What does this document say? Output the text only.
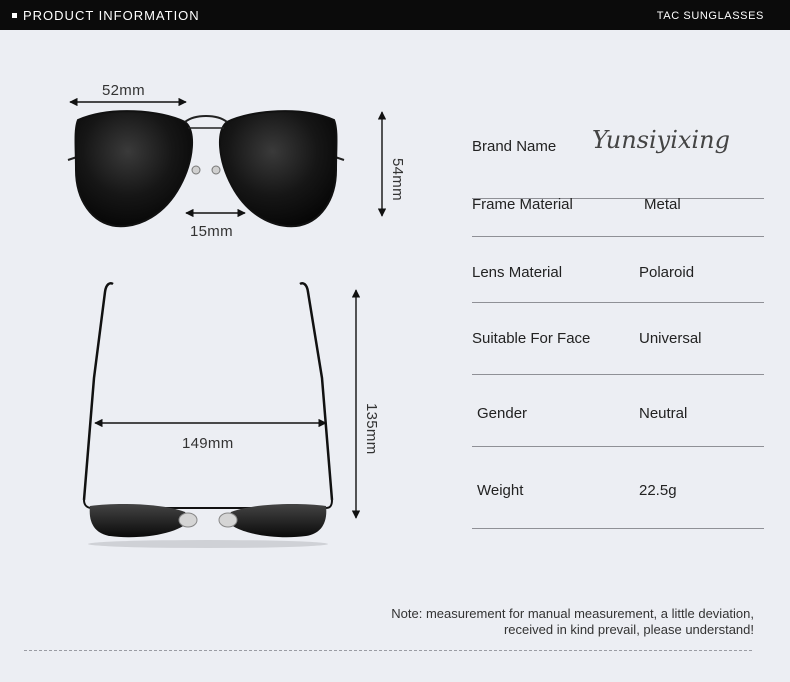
PRODUCT INFORMATION	TAC SUNGLASSES
52mm
15mm
54mm
149mm	135mm
Brand Name Yunsiyixing
Frame Material	Metal
Lens Material	Polaroid
Suitable For Face	Universal
Gender	Neutral
Weight	22.5g
Note: measurement for manual measurement, a little deviation,
received in kind prevail, please understand!
